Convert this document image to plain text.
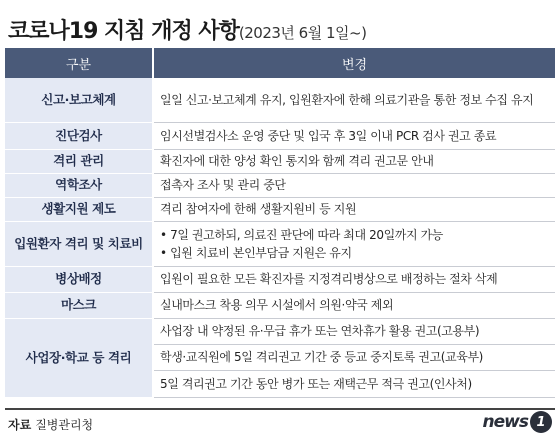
코로나19 지침 개정 사항(2023년 6월 1일~)
구분	변경
신고·보고체계	일일 신고·보고체계 유지, 입원환자에 한해 의료기관을 통한 정보 수집 유지
진단검사	임시선별검사소 운영 중단 및 입국 후 3일 이내 PCR 검사 권고 종료
격리 관리	확진자에 대한 양성 확인 통지와 함께 격리 권고문 안내
역학조사	접촉자 조사 및 관리 중단
생활지원 제도	격리 참여자에 한해 생활지원비 등 지원
입원환자 격리 및 치료비	• 7일 권고하되, 의료진 판단에 따라 최대 20일까지 가능
• 입원 치료비 본인부담금 지원은 유지

병상배정	입원이 필요한 모든 확진자를 지정격리병상으로 배정하는 절차 삭제
마스크	실내마스크 착용 의무 시설에서 의원·약국 제외
사업장·학교 등 격리	사업장 내 약정된 유·무급 휴가 또는 연차휴가 활용 권고(고용부)
	학생·교직원에 5일 격리권고 기간 중 등교 중지토록 권고(교육부)
	5일 격리권고 기간 동안 병가 또는 재택근무 적극 권고(인사처)
자료 질병관리청	news 1
